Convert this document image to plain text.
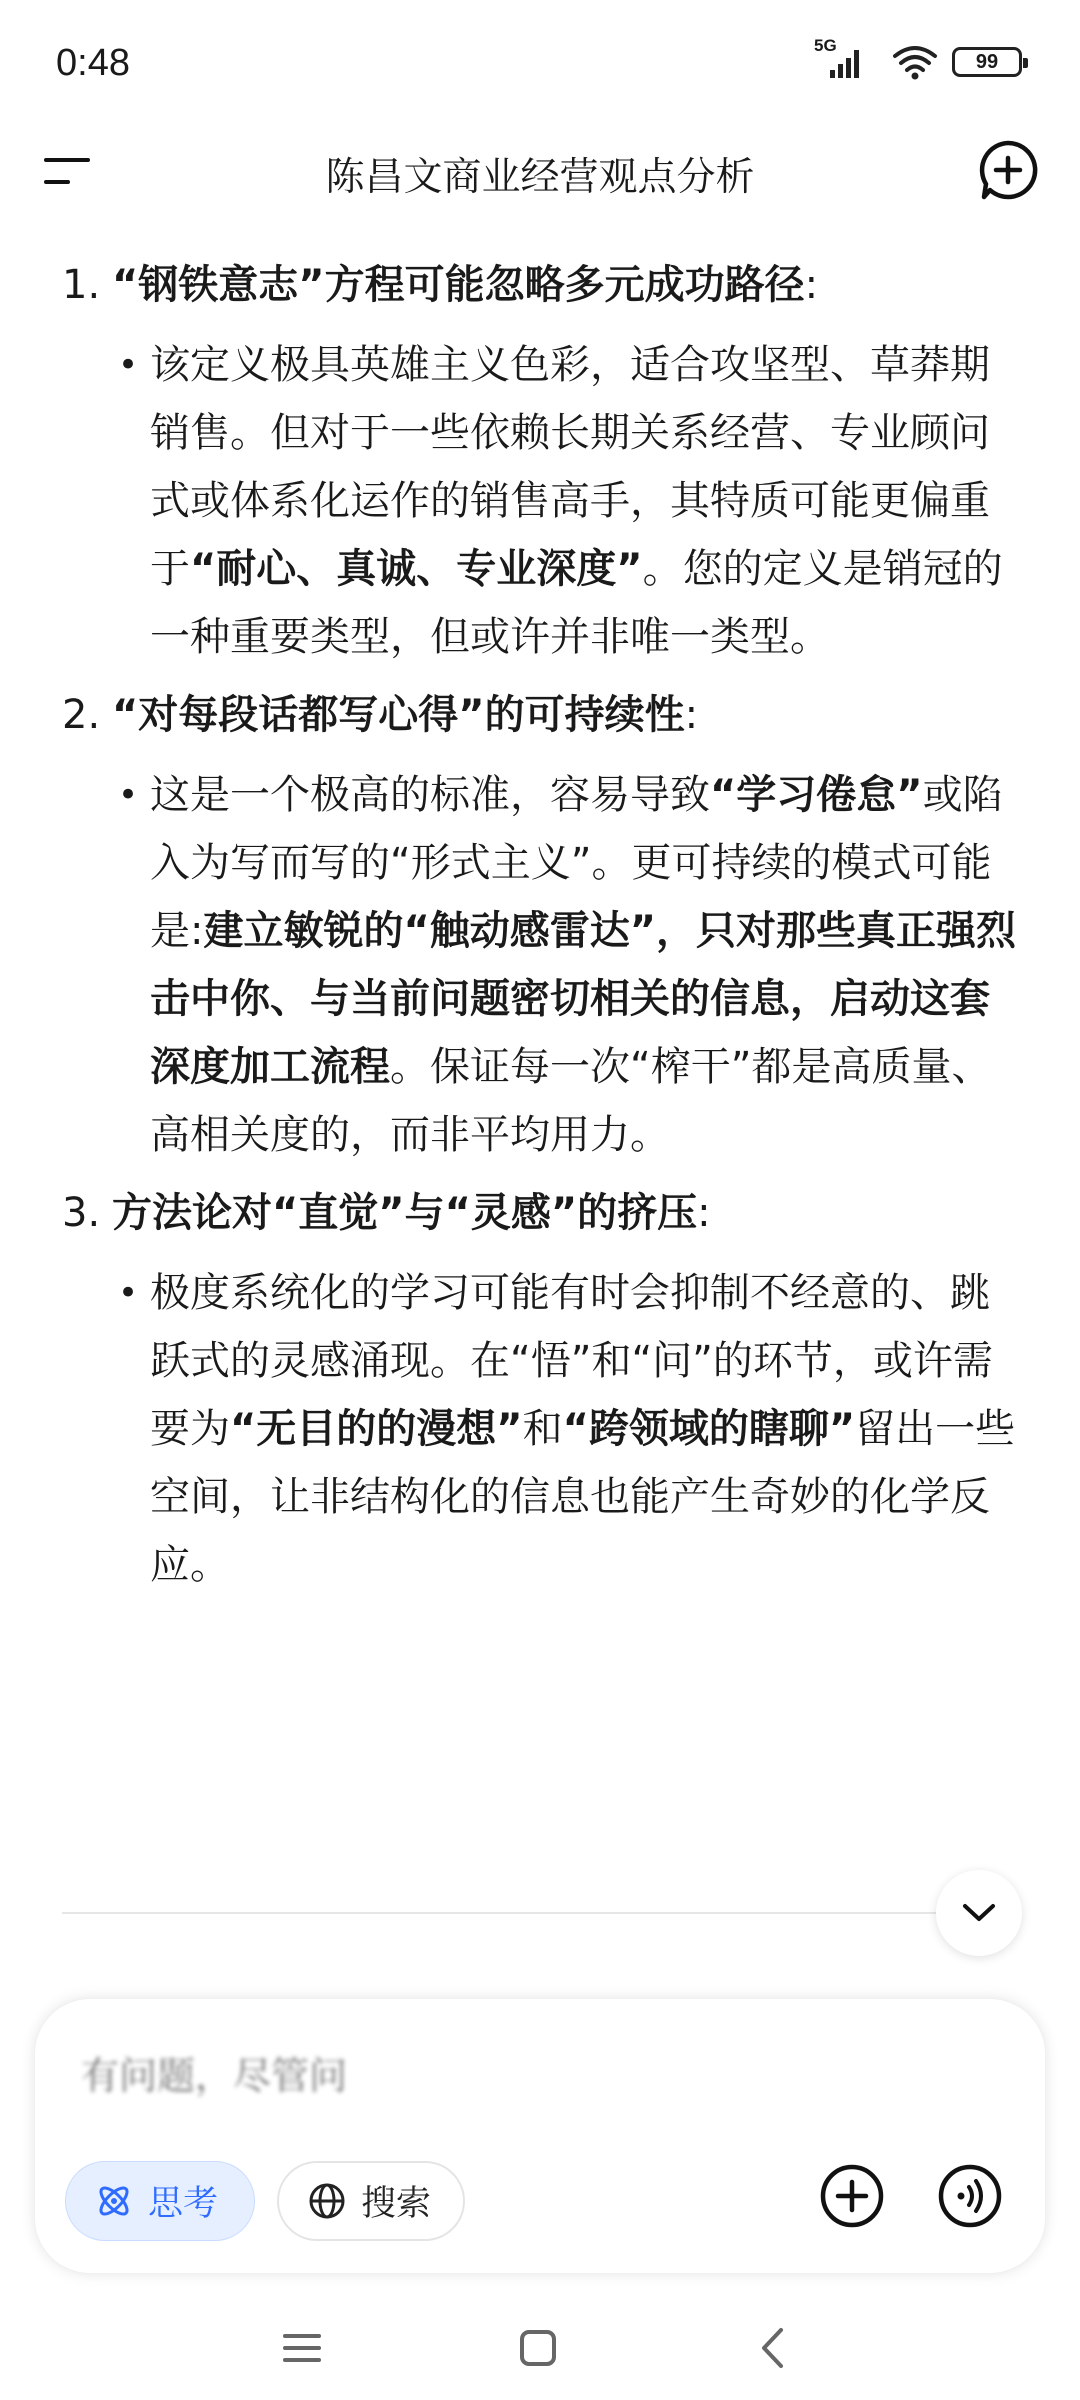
0:48	5G
99
陈昌文商业经营观点分析
1. “钢铁意志”方程可能忽略多元成功路径:
• 该定义极具英雄主义色彩，适合攻坚型、草莽期销售。但对于一些依赖长期关系经营、专业顾问式或体系化运作的销售高手，其特质可能更偏重于“耐心、真诚、专业深度”。您的定义是销冠的一种重要类型，但或许并非唯一类型。
2. “对每段话都写心得”的可持续性:
• 这是一个极高的标准，容易导致“学习倦怠”或陷入为写而写的“形式主义”。更可持续的模式可能是:建立敏锐的“触动感雷达”，只对那些真正强烈击中你、与当前问题密切相关的信息，启动这套深度加工流程。保证每一次“榨干”都是高质量、高相关度的，而非平均用力。
3. 方法论对“直觉”与“灵感”的挤压:
• 极度系统化的学习可能有时会抑制不经意的、跳跃式的灵感涌现。在“悟”和“问”的环节，或许需要为“无目的的漫想”和“跨领域的瞎聊”留出一些空间，让非结构化的信息也能产生奇妙的化学反应。
有问题，尽管问
思考	搜索
